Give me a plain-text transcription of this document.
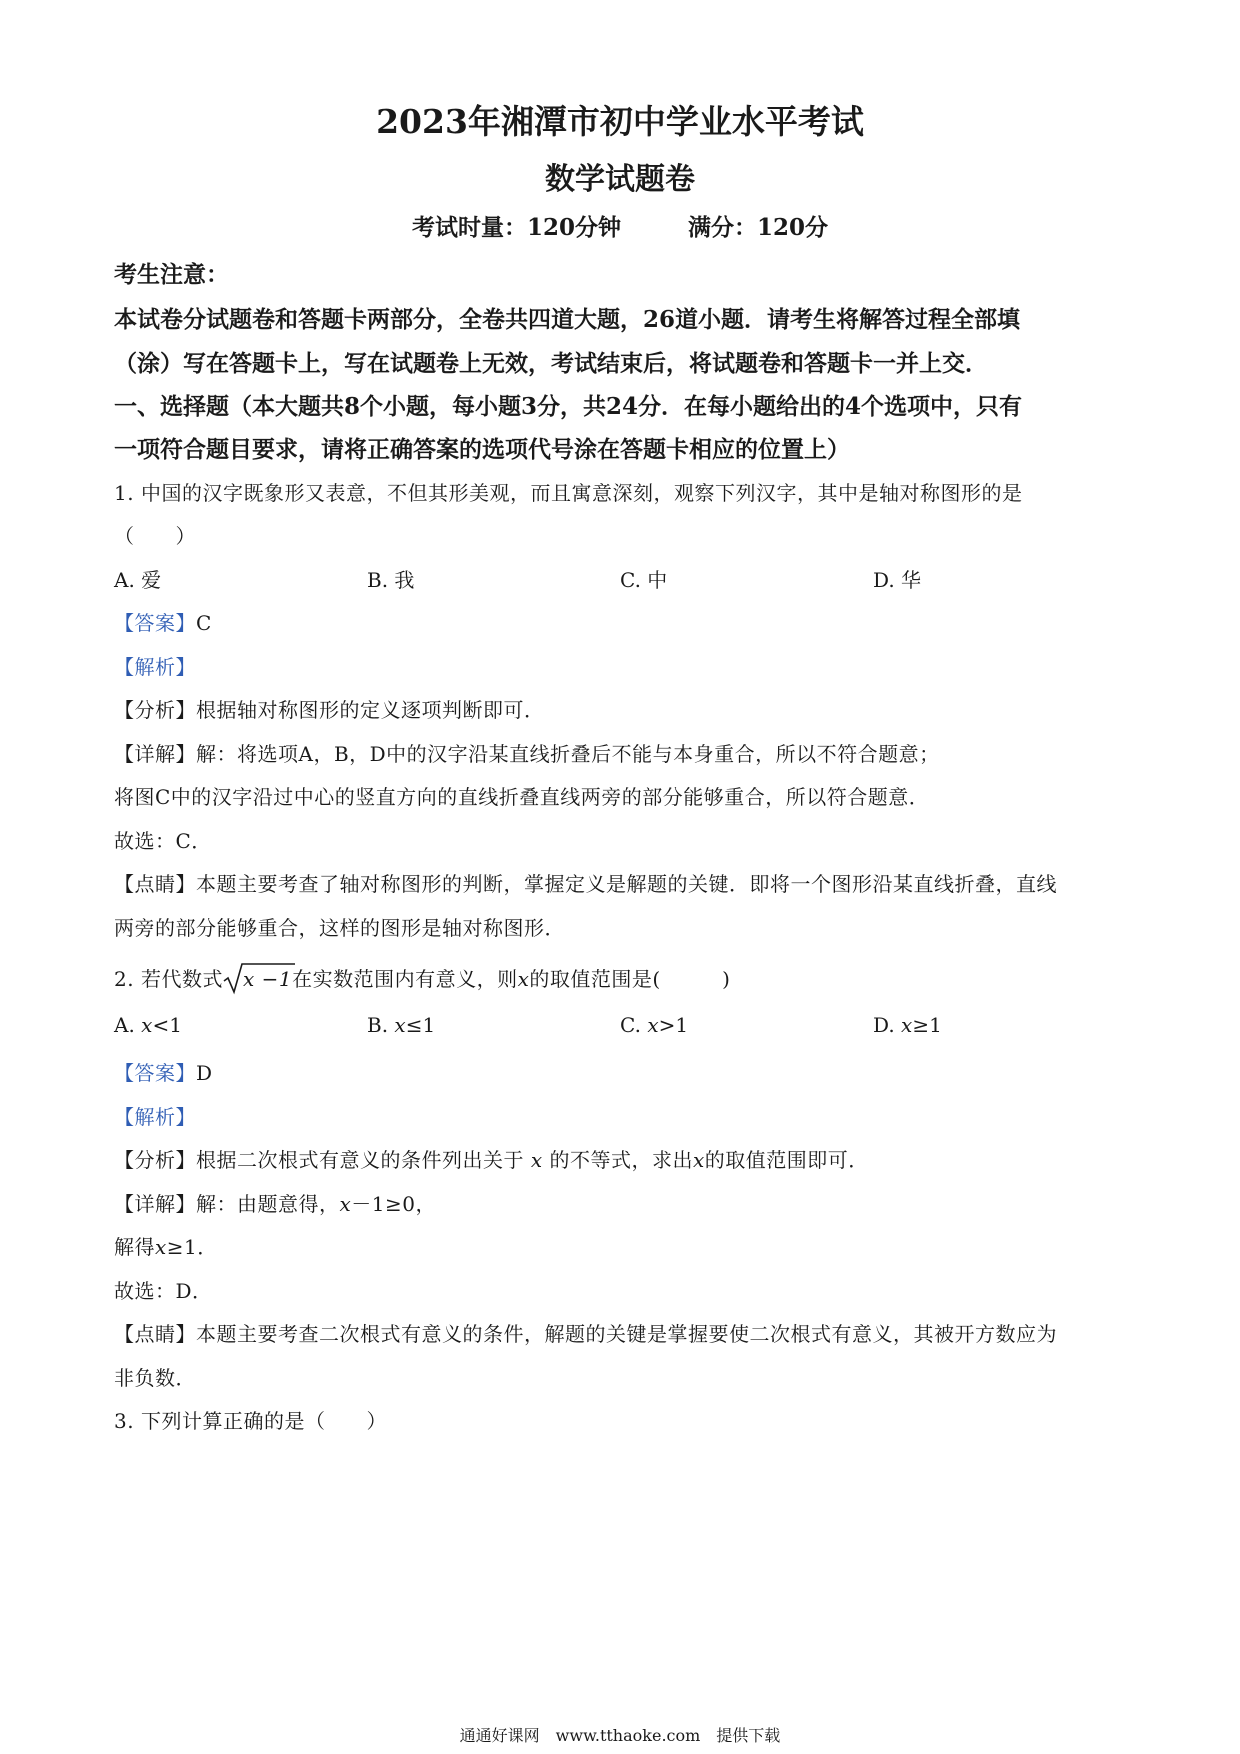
2023年湘潭市初中学业水平考试
数学试题卷
考试时量：120分钟	满分：120分
考生注意：
本试卷分试题卷和答题卡两部分，全卷共四道大题，26道小题．请考生将解答过程全部填
（涂）写在答题卡上，写在试题卷上无效，考试结束后，将试题卷和答题卡一并上交．
一、选择题（本大题共8个小题，每小题3分，共24分．在每小题给出的4个选项中，只有
一项符合题目要求，请将正确答案的选项代号涂在答题卡相应的位置上）
1. 中国的汉字既象形又表意，不但其形美观，而且寓意深刻，观察下列汉字，其中是轴对称图形的是
（　　）
A. 爱	B. 我	C. 中	D. 华
【答案】C
【解析】
【分析】根据轴对称图形的定义逐项判断即可．
【详解】解：将选项A，B，D中的汉字沿某直线折叠后不能与本身重合，所以不符合题意；
将图C中的汉字沿过中心的竖直方向的直线折叠直线两旁的部分能够重合，所以符合题意．
故选：C．
【点睛】本题主要考查了轴对称图形的判断，掌握定义是解题的关键．即将一个图形沿某直线折叠，直线
两旁的部分能够重合，这样的图形是轴对称图形．
2. 若代数式 x −1在实数范围内有意义，则x的取值范围是(　　　)
A. x<1	B. x≤1	C. x>1	D. x≥1
【答案】D
【解析】
【分析】根据二次根式有意义的条件列出关于 x 的不等式，求出x的取值范围即可．
【详解】解：由题意得，x－1≥0，
解得x≥1．
故选：D．
【点睛】本题主要考查二次根式有意义的条件，解题的关键是掌握要使二次根式有意义，其被开方数应为
非负数．
3. 下列计算正确的是（　　）
通通好课网　www.tthaoke.com　提供下载
